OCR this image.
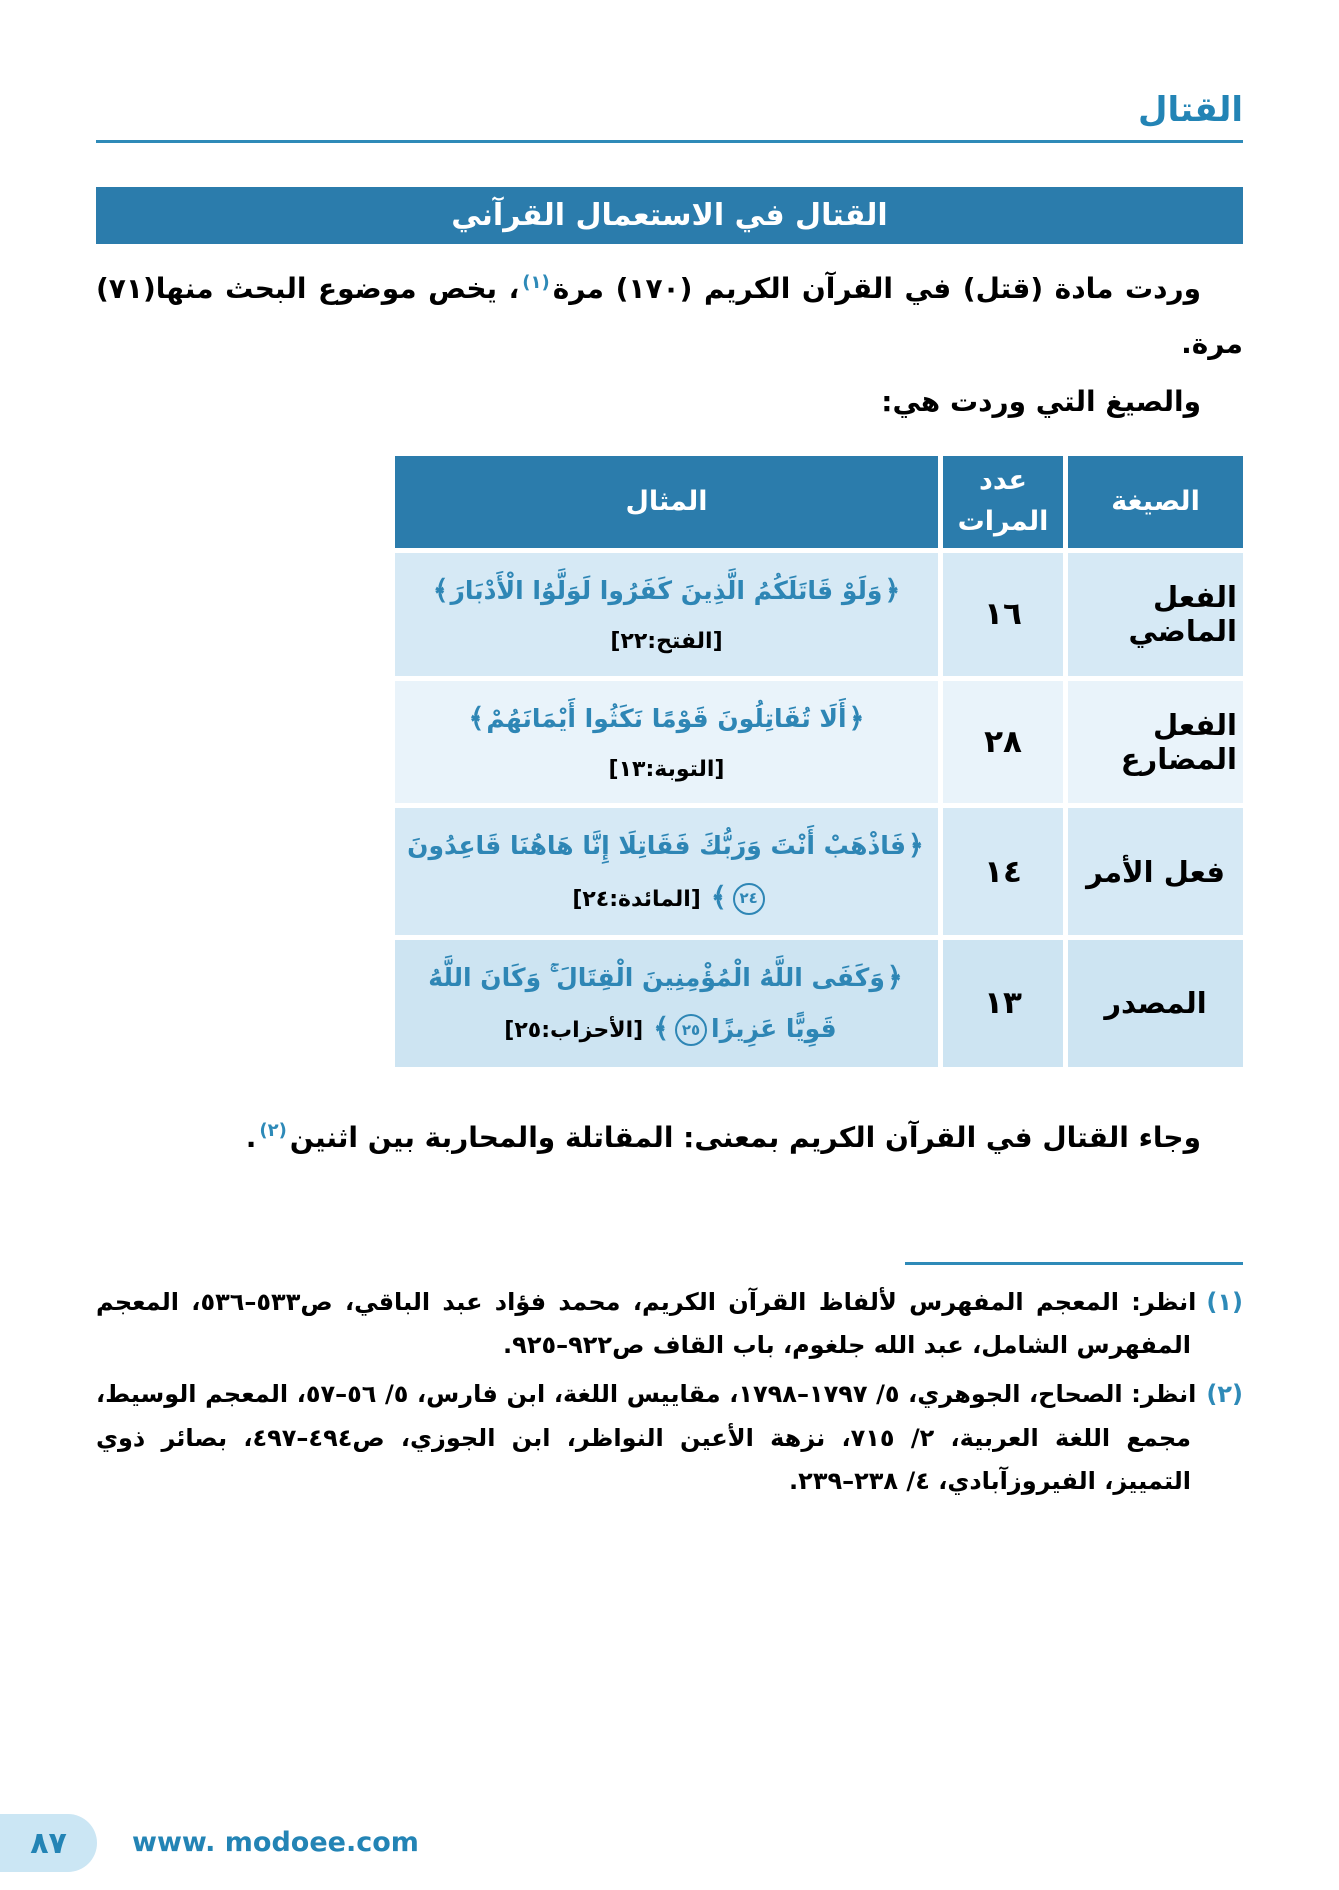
القتال
القتال في الاستعمال القرآني

وردت مادة (قتل) في القرآن الكريم (١٧٠) مرة$^{(١)}$، يخص موضوع البحث منها(٧١) مرة.

والصيغ التي وردت هي:

الصيغة
عدد المرات
المثال
الفعل الماضي
١٦
﴿وَلَوْ قَاتَلَكُمُ الَّذِينَ كَفَرُوا لَوَلَّوُا الْأَدْبَارَ﴾[الفتح:٢٢]
الفعل المضارع
٢٨
﴿أَلَا تُقَاتِلُونَ قَوْمًا نَكَثُوا أَيْمَانَهُمْ﴾[التوبة:١٣]
فعل الأمر
١٤
﴿فَاذْهَبْ أَنْتَ وَرَبُّكَ فَقَاتِلَا إِنَّا هَاهُنَا قَاعِدُونَ٢٤﴾[المائدة:٢٤]
المصدر
١٣
﴿وَكَفَى اللَّهُ الْمُؤْمِنِينَ الْقِتَالَ ۚ وَكَانَ اللَّهُ قَوِيًّا عَزِيزًا٢٥﴾[الأحزاب:٢٥]

وجاء القتال في القرآن الكريم بمعنى: المقاتلة والمحاربة بين اثنين$^{(٢)}$.

(١)انظر: المعجم المفهرس لألفاظ القرآن الكريم، محمد فؤاد عبد الباقي، ص٥٣٣–٥٣٦، المعجم المفهرس الشامل، عبد الله جلغوم، باب القاف ص٩٢٢–٩٢٥.

(٢)انظر: الصحاح، الجوهري، ٥/ ١٧٩٧–١٧٩٨، مقاييس اللغة، ابن فارس، ٥/ ٥٦–٥٧، المعجم الوسيط، مجمع اللغة العربية، ٢/ ٧١٥، نزهة الأعين النواظر، ابن الجوزي، ص٤٩٤–٤٩٧، بصائر ذوي التمييز، الفيروزآبادي، ٤/ ٢٣٨–٢٣٩.

٨٧ www. modoee.com
